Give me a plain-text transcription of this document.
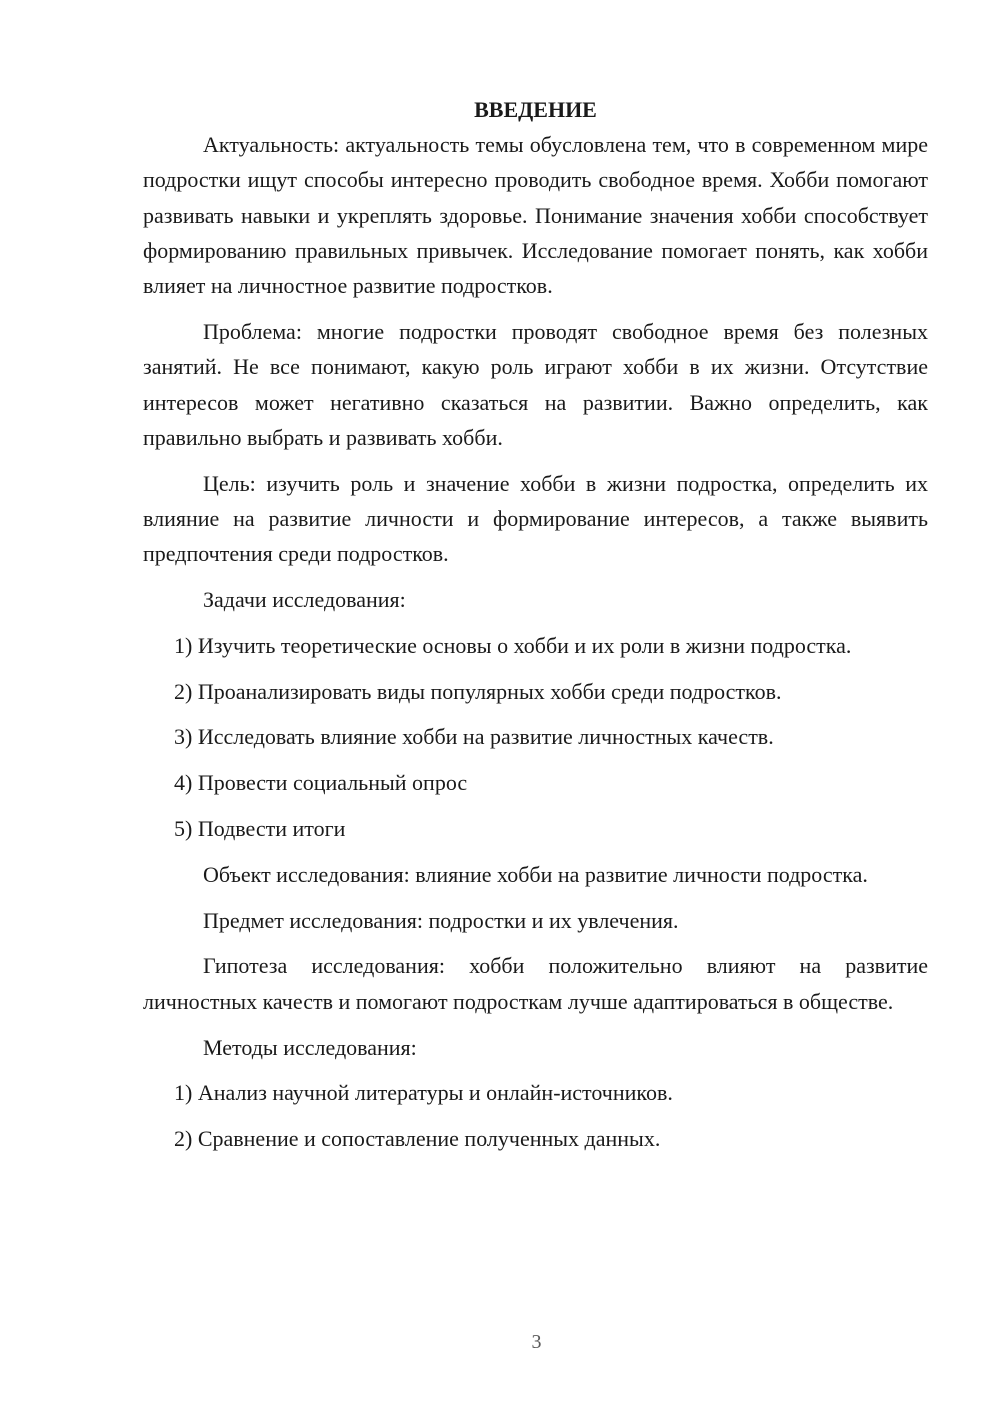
ВВЕДЕНИЕ

Актуальность: актуальность темы обусловлена тем, что в современном мире подростки ищут способы интересно проводить свободное время. Хобби помогают развивать навыки и укреплять здоровье. Понимание значения хобби способствует формированию правильных привычек. Исследование помогает понять, как хобби влияет на личностное развитие подростков.

Проблема: многие подростки проводят свободное время без полезных занятий. Не все понимают, какую роль играют хобби в их жизни. Отсутствие интересов может негативно сказаться на развитии. Важно определить, как правильно выбрать и развивать хобби.

Цель: изучить роль и значение хобби в жизни подростка, определить их влияние на развитие личности и формирование интересов, а также выявить предпочтения среди подростков.

Задачи исследования:

1) Изучить теоретические основы о хобби и их роли в жизни подростка.

2) Проанализировать виды популярных хобби среди подростков.

3) Исследовать влияние хобби на развитие личностных качеств.

4) Провести социальный опрос

5) Подвести итоги

Объект исследования: влияние хобби на развитие личности подростка.

Предмет исследования: подростки и их увлечения.

Гипотеза исследования: хобби положительно влияют на развитие личностных качеств и помогают подросткам лучше адаптироваться в обществе.

Методы исследования:

1) Анализ научной литературы и онлайн-источников.

2) Сравнение и сопоставление полученных данных.

3
